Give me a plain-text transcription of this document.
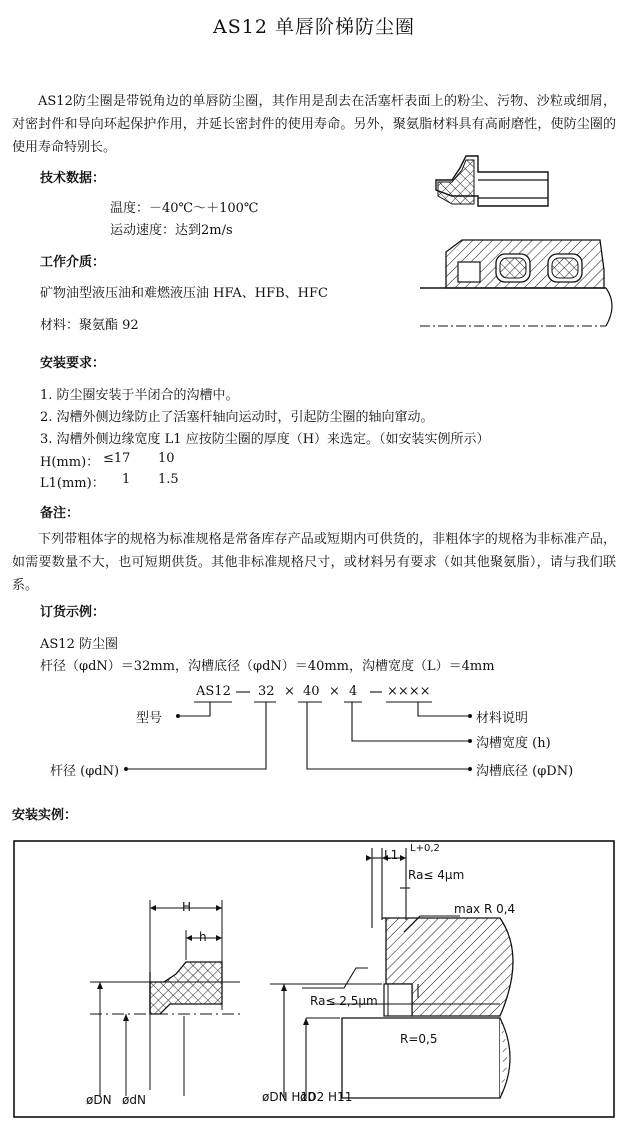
AS12 单唇阶梯防尘圈
AS12防尘圈是带锐角边的单唇防尘圈，其作用是刮去在活塞杆表面上的粉尘、污物、沙粒或细屑，对密封件和导向环起保护作用，并延长密封件的使用寿命。另外，聚氨脂材料具有高耐磨性，使防尘圈的使用寿命特别长。
技术数据：
温度：－40℃～＋100℃
运动速度：达到2m/s
工作介质：
矿物油型液压油和难燃液压油 HFA、HFB、HFC
材料：聚氨酯 92
安装要求：
1. 防尘圈安装于半闭合的沟槽中。
2. 沟槽外侧边缘防止了活塞杆轴向运动时，引起防尘圈的轴向窜动。
3. 沟槽外侧边缘宽度 L1 应按防尘圈的厚度（H）来选定。（如安装实例所示）
H(mm)： ≤17 10
L1(mm)： 1 1.5
备注：
下列带粗体字的规格为标准规格是常备库存产品或短期内可供货的，非粗体字的规格为非标准产品，如需要数量不大，也可短期供货。其他非标准规格尺寸，或材料另有要求（如其他聚氨脂），请与我们联系。
订货示例：
AS12 防尘圈
杆径（φdN）＝32mm，沟槽底径（φdN）＝40mm，沟槽宽度（L）＝4mm
AS12 32 × 40 × 4 ××××
型号
杆径 (φdN)
材料说明
沟槽宽度 (h)
沟槽底径 (φDN)
安装实例：
H
h
øDN ødN
L1 L+0,2
Ra≤ 4μm
max R 0,4
Ra≤ 2,5μm
R=0,5
øDN H10
øD2 H11
